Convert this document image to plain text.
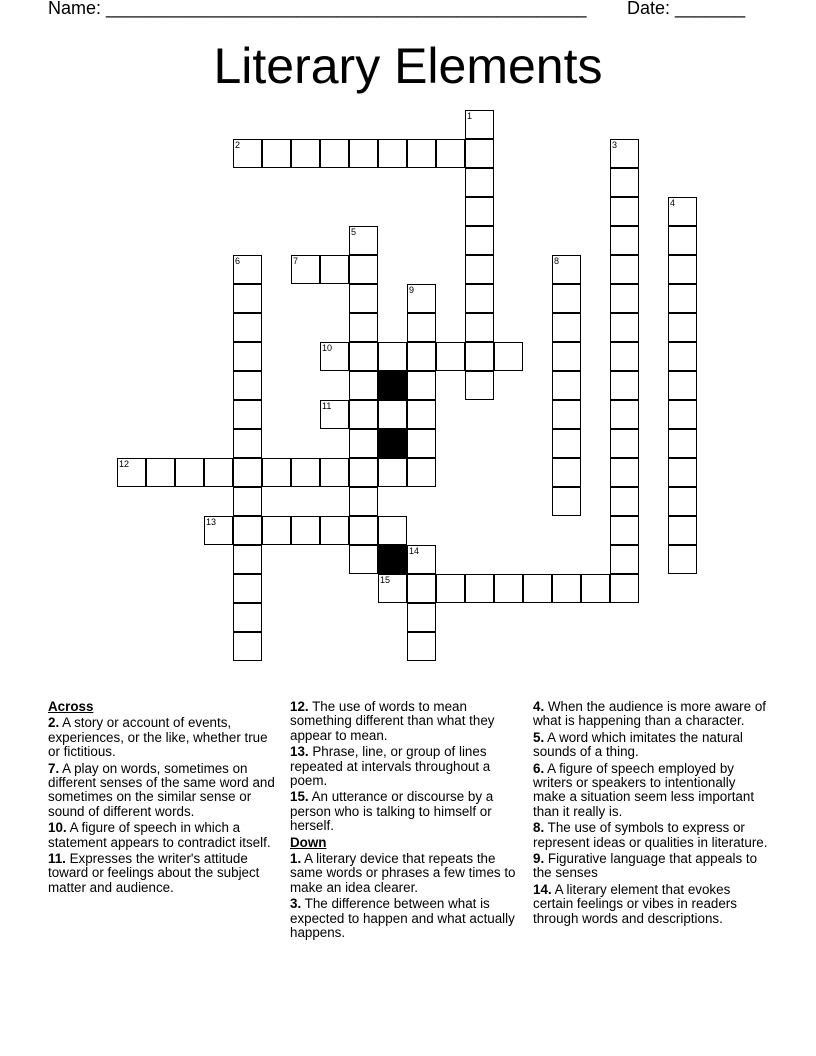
Name: ________________________________________________ Date: _______
Literary Elements
1
2	3
4
5
6	7	8
9
10
11
12
13
14
15
Across

2. A story or account of events, experiences, or the like, whether true or fictitious.

7. A play on words, sometimes on different senses of the same word and sometimes on the similar sense or sound of different words.

10. A figure of speech in which a statement appears to contradict itself.

11. Expresses the writer's attitude toward or feelings about the subject matter and audience.

12. The use of words to mean something different than what they appear to mean.

13. Phrase, line, or group of lines repeated at intervals throughout a poem.

15. An utterance or discourse by a person who is talking to himself or herself.

Down

1. A literary device that repeats the same words or phrases a few times to make an idea clearer.

3. The difference between what is expected to happen and what actually happens.

4. When the audience is more aware of what is happening than a character.

5. A word which imitates the natural sounds of a thing.

6. A figure of speech employed by writers or speakers to intentionally make a situation seem less important than it really is.

8. The use of symbols to express or represent ideas or qualities in literature.

9. Figurative language that appeals to the senses

14. A literary element that evokes certain feelings or vibes in readers through words and descriptions.
